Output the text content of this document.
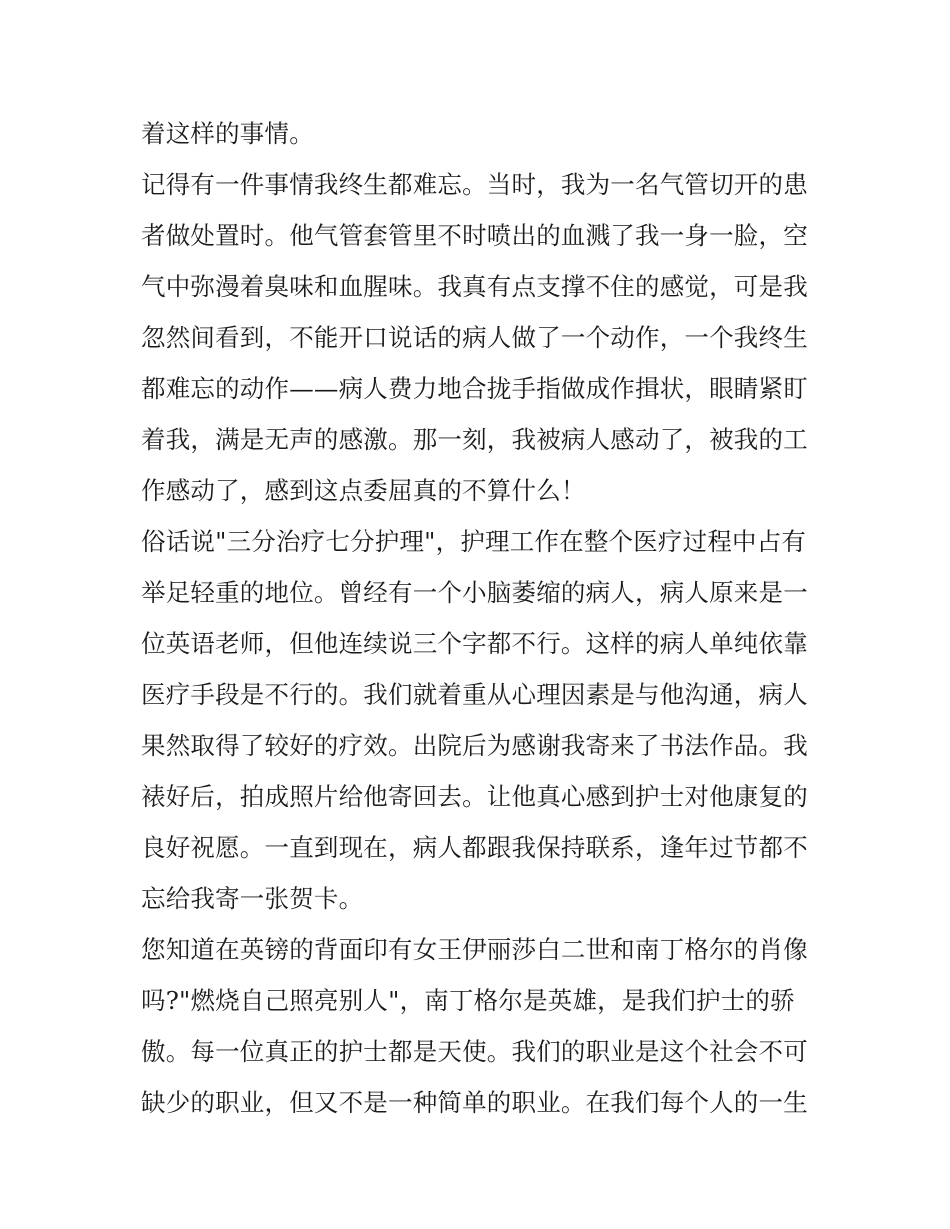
着这样的事情。
记得有一件事情我终生都难忘。当时，我为一名气管切开的患
者做处置时。他气管套管里不时喷出的血溅了我一身一脸，空
气中弥漫着臭味和血腥味。我真有点支撑不住的感觉，可是我
忽然间看到，不能开口说话的病人做了一个动作，一个我终生
都难忘的动作——病人费力地合拢手指做成作揖状，眼睛紧盯
着我，满是无声的感激。那一刻，我被病人感动了，被我的工
作感动了，感到这点委屈真的不算什么！
俗话说"三分治疗七分护理"，护理工作在整个医疗过程中占有
举足轻重的地位。曾经有一个小脑萎缩的病人，病人原来是一
位英语老师，但他连续说三个字都不行。这样的病人单纯依靠
医疗手段是不行的。我们就着重从心理因素是与他沟通，病人
果然取得了较好的疗效。出院后为感谢我寄来了书法作品。我
裱好后，拍成照片给他寄回去。让他真心感到护士对他康复的
良好祝愿。一直到现在，病人都跟我保持联系，逢年过节都不
忘给我寄一张贺卡。
您知道在英镑的背面印有女王伊丽莎白二世和南丁格尔的肖像
吗?"燃烧自己照亮别人"，南丁格尔是英雄，是我们护士的骄
傲。每一位真正的护士都是天使。我们的职业是这个社会不可
缺少的职业，但又不是一种简单的职业。在我们每个人的一生
